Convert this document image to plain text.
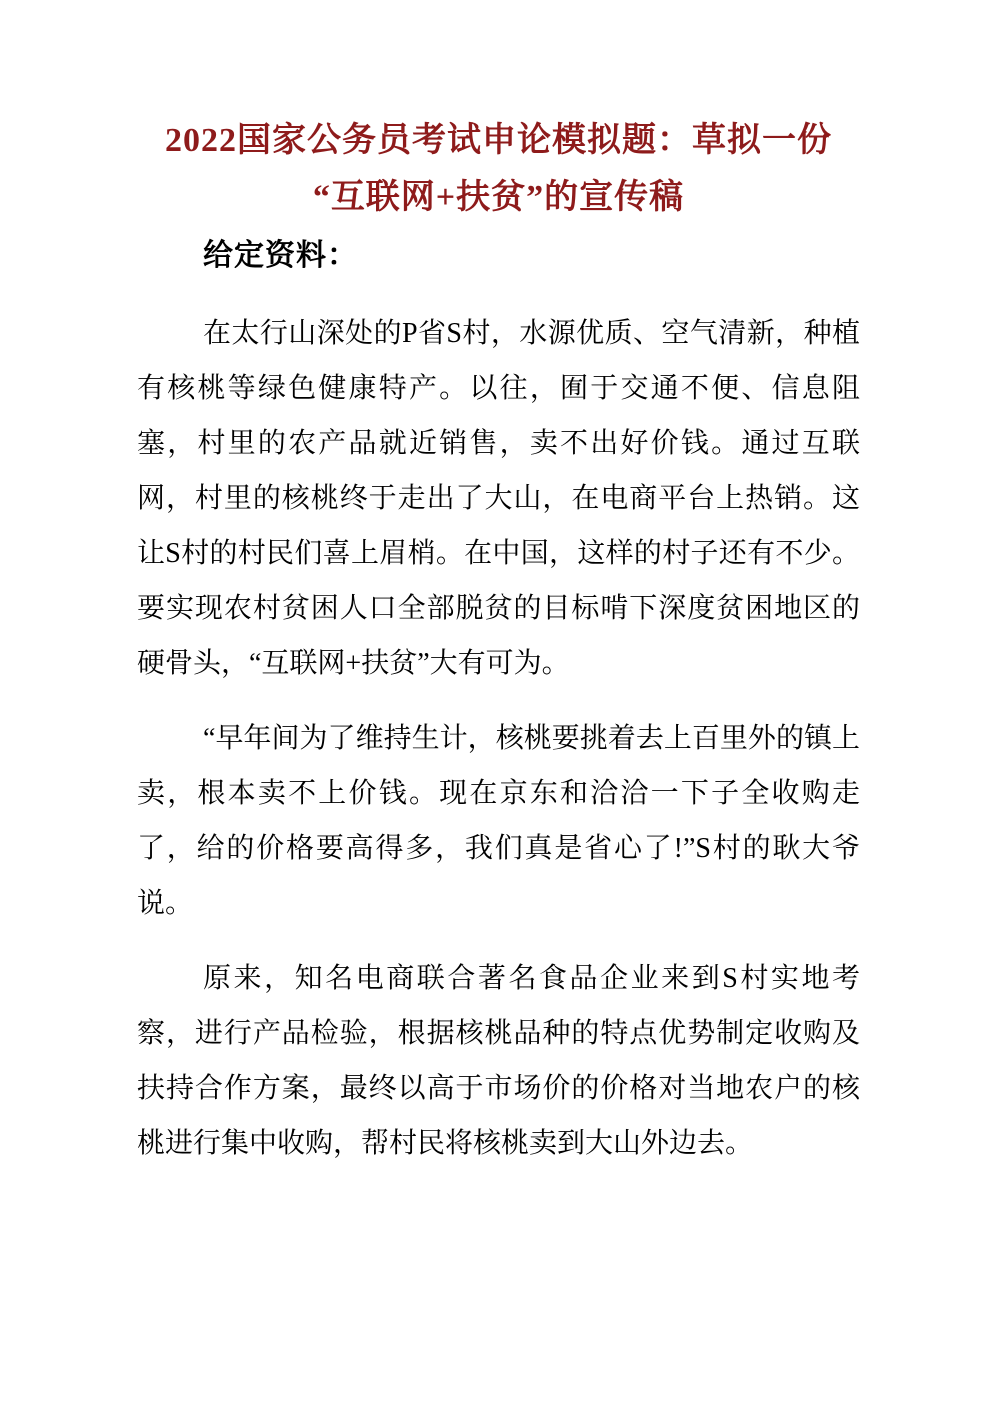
2022国家公务员考试申论模拟题：草拟一份
“互联网+扶贫”的宣传稿
给定资料：

在太行山深处的P省S村，水源优质、空气清新，种植有核桃等绿色健康特产。以往，囿于交通不便、信息阻塞，村里的农产品就近销售，卖不出好价钱。通过互联网，村里的核桃终于走出了大山，在电商平台上热销。这让S村的村民们喜上眉梢。在中国，这样的村子还有不少。要实现农村贫困人口全部脱贫的目标啃下深度贫困地区的硬骨头，“互联网+扶贫”大有可为。

“早年间为了维持生计，核桃要挑着去上百里外的镇上卖，根本卖不上价钱。现在京东和洽洽一下子全收购走了，给的价格要高得多，我们真是省心了!”S村的耿大爷说。

原来，知名电商联合著名食品企业来到S村实地考察，进行产品检验，根据核桃品种的特点优势制定收购及扶持合作方案，最终以高于市场价的价格对当地农户的核桃进行集中收购，帮村民将核桃卖到大山外边去。
